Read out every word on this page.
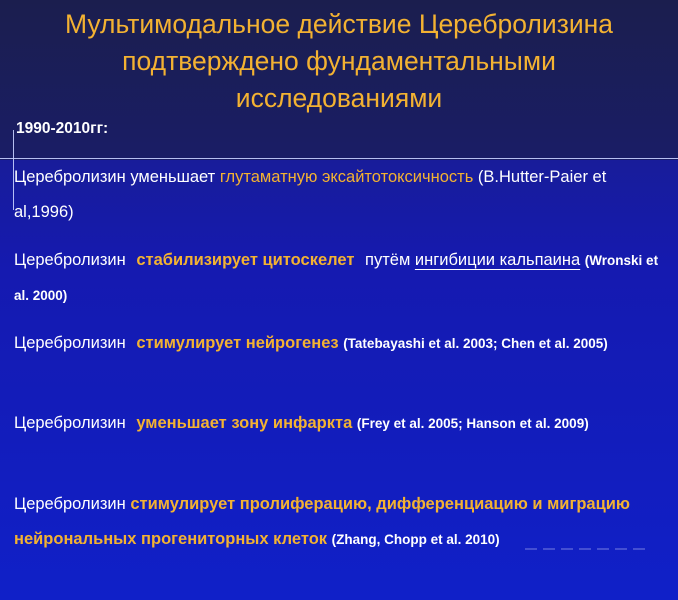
Мультимодальное действие Церебролизина
подтверждено фундаментальными
исследованиями

1990-2010гг:

Церебролизин уменьшает глутаматную эксайтотоксичность (B.Hutter-Paier et al,1996)

Церебролизин стабилизирует цитоскелет путём ингибиции кальпаина (Wronski et al. 2000)

Церебролизин стимулирует нейрогенез (Tatebayashi et al. 2003; Chen et al. 2005)

Церебролизин уменьшает зону инфаркта (Frey et al. 2005; Hanson et al. 2009)

Церебролизин стимулирует пролиферацию, дифференциацию и миграцию нейрональных прогениторных клеток (Zhang, Chopp et al. 2010)
